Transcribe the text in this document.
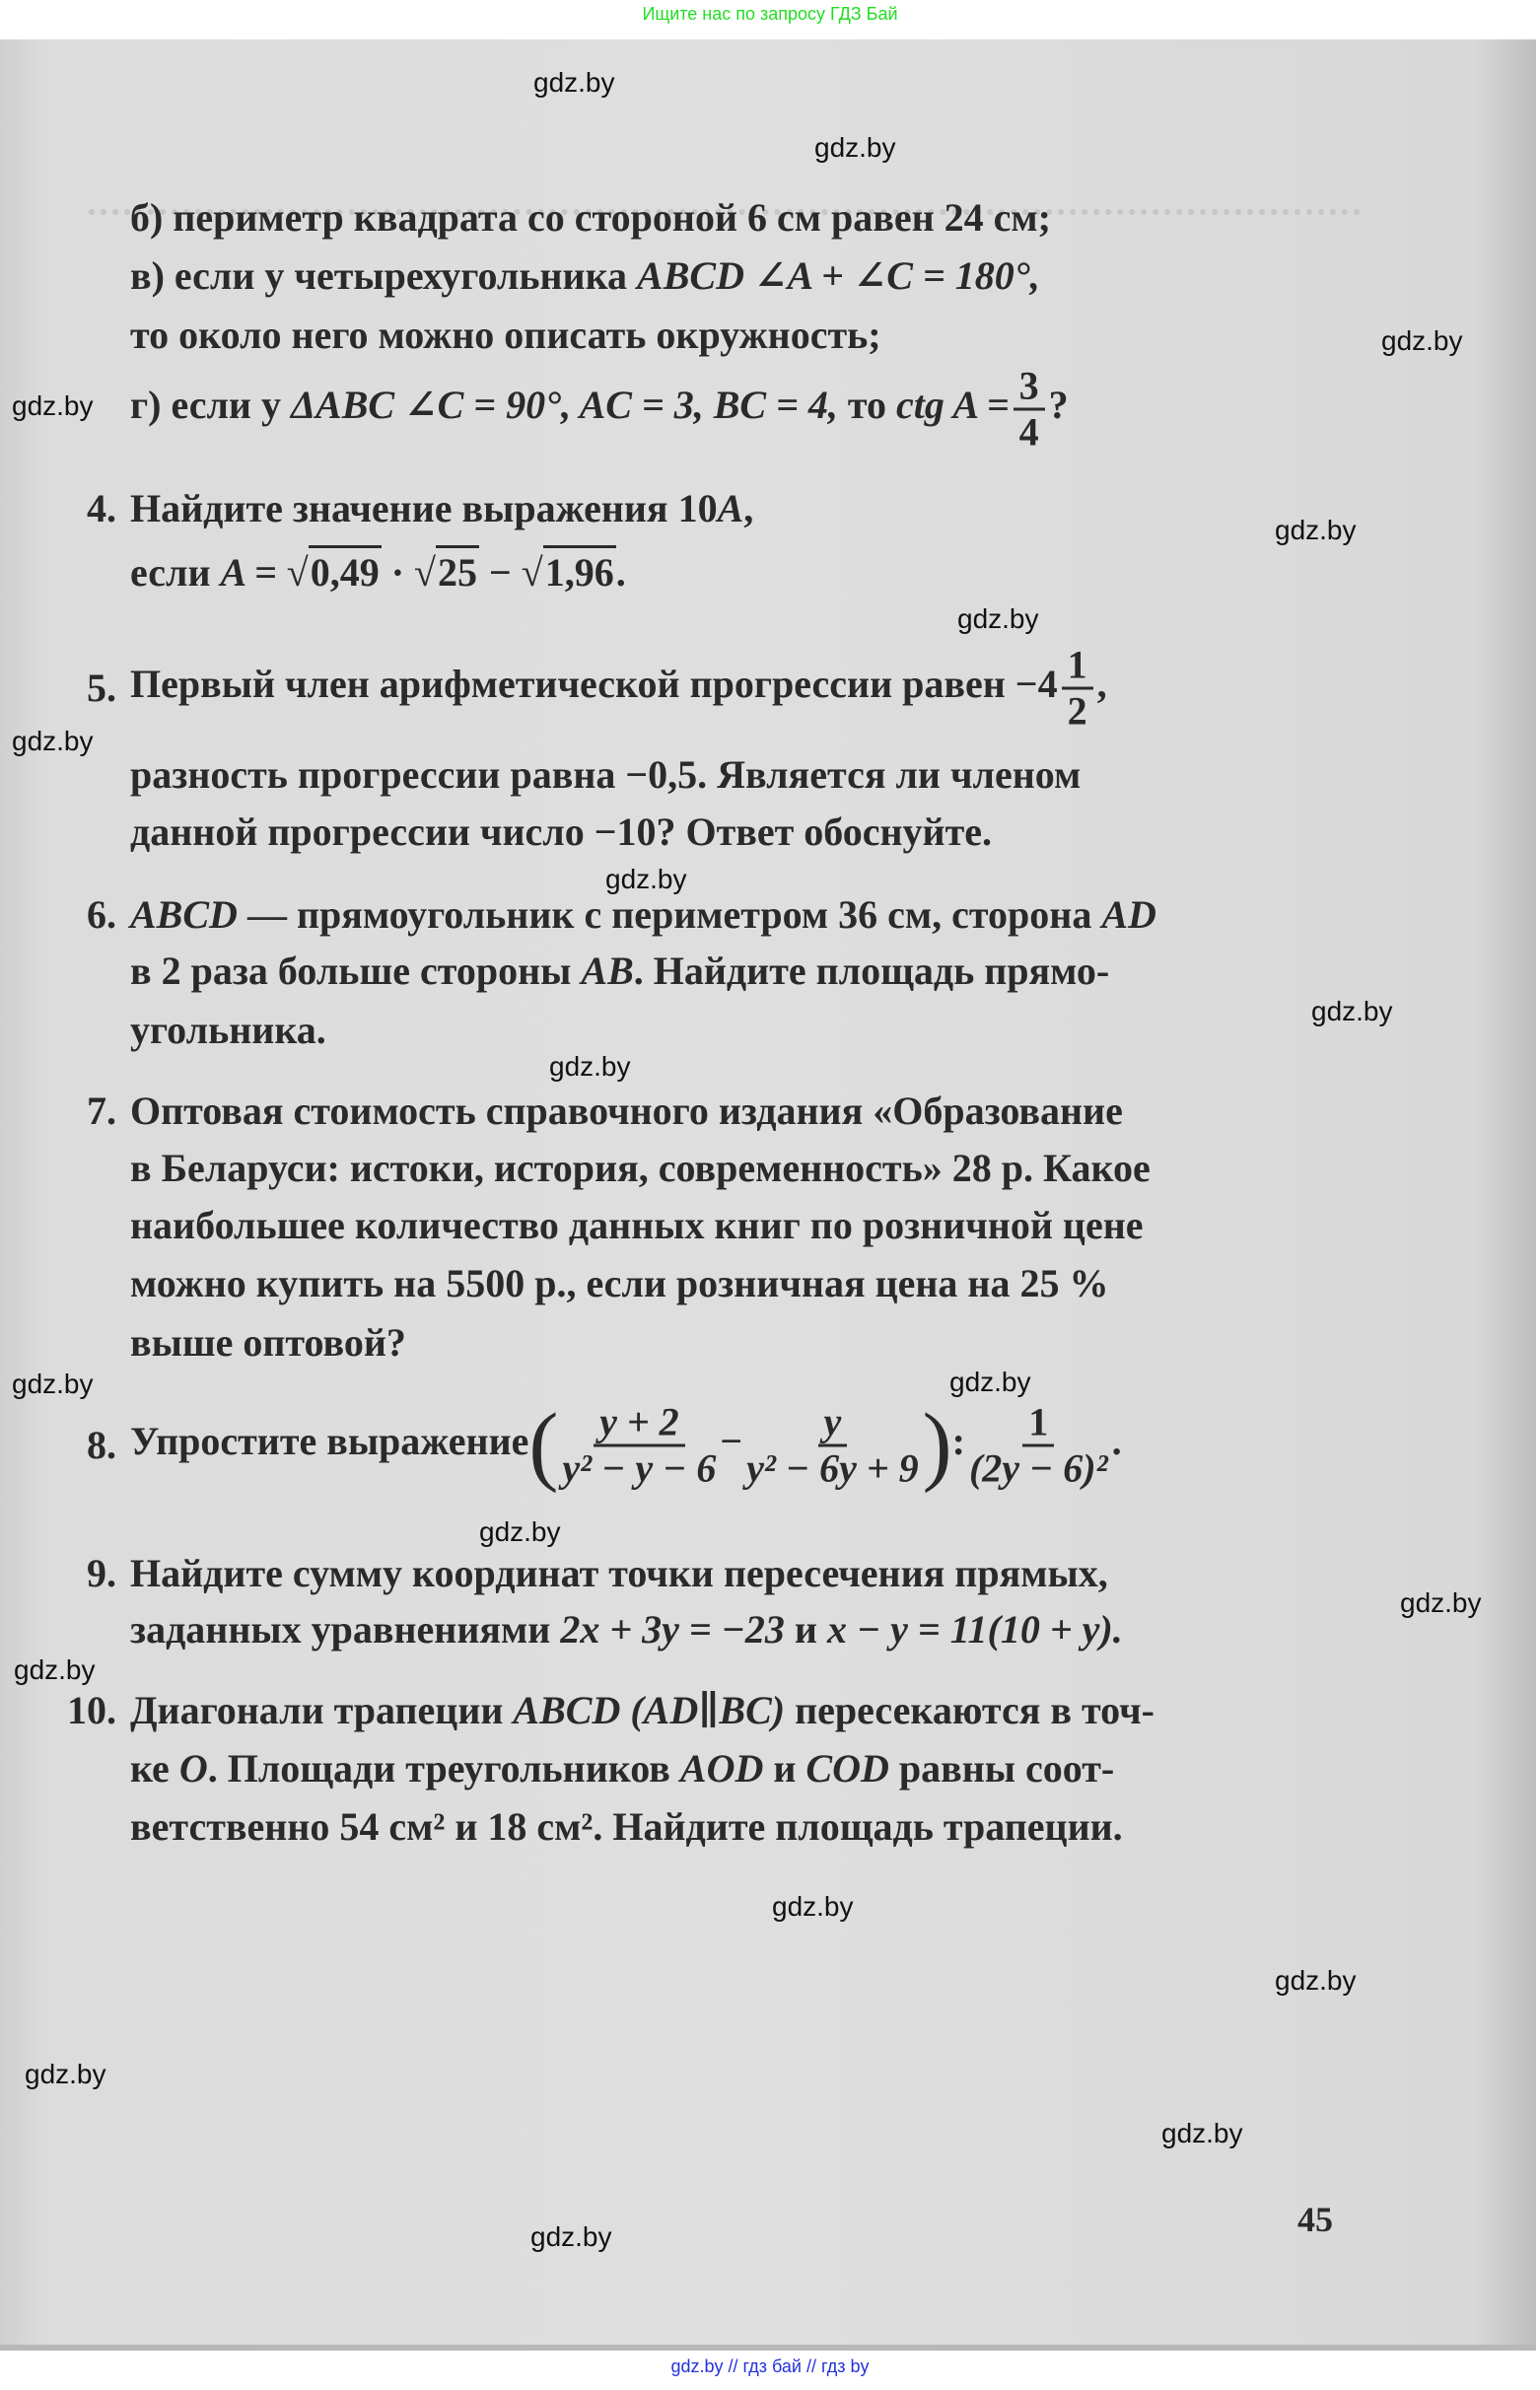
Ищите нас по запросу ГДЗ Бай
б) периметр квадрата со стороной 6 см равен 24 см;
в) если у четырехугольника ABCD ∠A + ∠C = 180°,
то около него можно описать окружность;
г) если у ΔABC ∠C = 90°, AC = 3, BC = 4, то ctg $A = \frac{3}{4}$ ?
4. Найдите значение выражения 10A,
если A = √0,49 · √25 − √1,96.
5. Первый член арифметической прогрессии равен $-4 \frac{1}{2}$ ,
разность прогрессии равна −0,5. Является ли членом
данной прогрессии число −10? Ответ обоснуйте.
6. ABCD — прямоугольник с периметром 36 см, сторона AD
в 2 раза больше стороны AB. Найдите площадь прямо-
угольника.
7. Оптовая стоимость справочного издания «Образование
в Беларуси: истоки, история, современность» 28 р. Какое
наибольшее количество данных книг по розничной цене
можно купить на 5500 р., если розничная цена на 25 %
выше оптовой?
8. Упростите выражение( $\frac{y + 2}{\text{y² − y − 6}} - \frac{y}{\text{y² − 6y + 9}}$ ): $\frac{1}{\text{(2y − 6)²}}$ .
9. Найдите сумму координат точки пересечения прямых,
заданных уравнениями 2x + 3y = −23 и x − y = 11(10 + y).
10. Диагонали трапеции ABCD (AD∥BC) пересекаются в точ-
ке O. Площади треугольников AOD и COD равны соот-
ветственно 54 см² и 18 см². Найдите площадь трапеции.
45
gdz.by
gdz.by
gdz.by
gdz.by
gdz.by
gdz.by
gdz.by
gdz.by
gdz.by
gdz.by
gdz.by
gdz.by
gdz.by
gdz.by
gdz.by
gdz.by
gdz.by
gdz.by
gdz.by
gdz.by
gdz.by // гдз бай // гдз by
